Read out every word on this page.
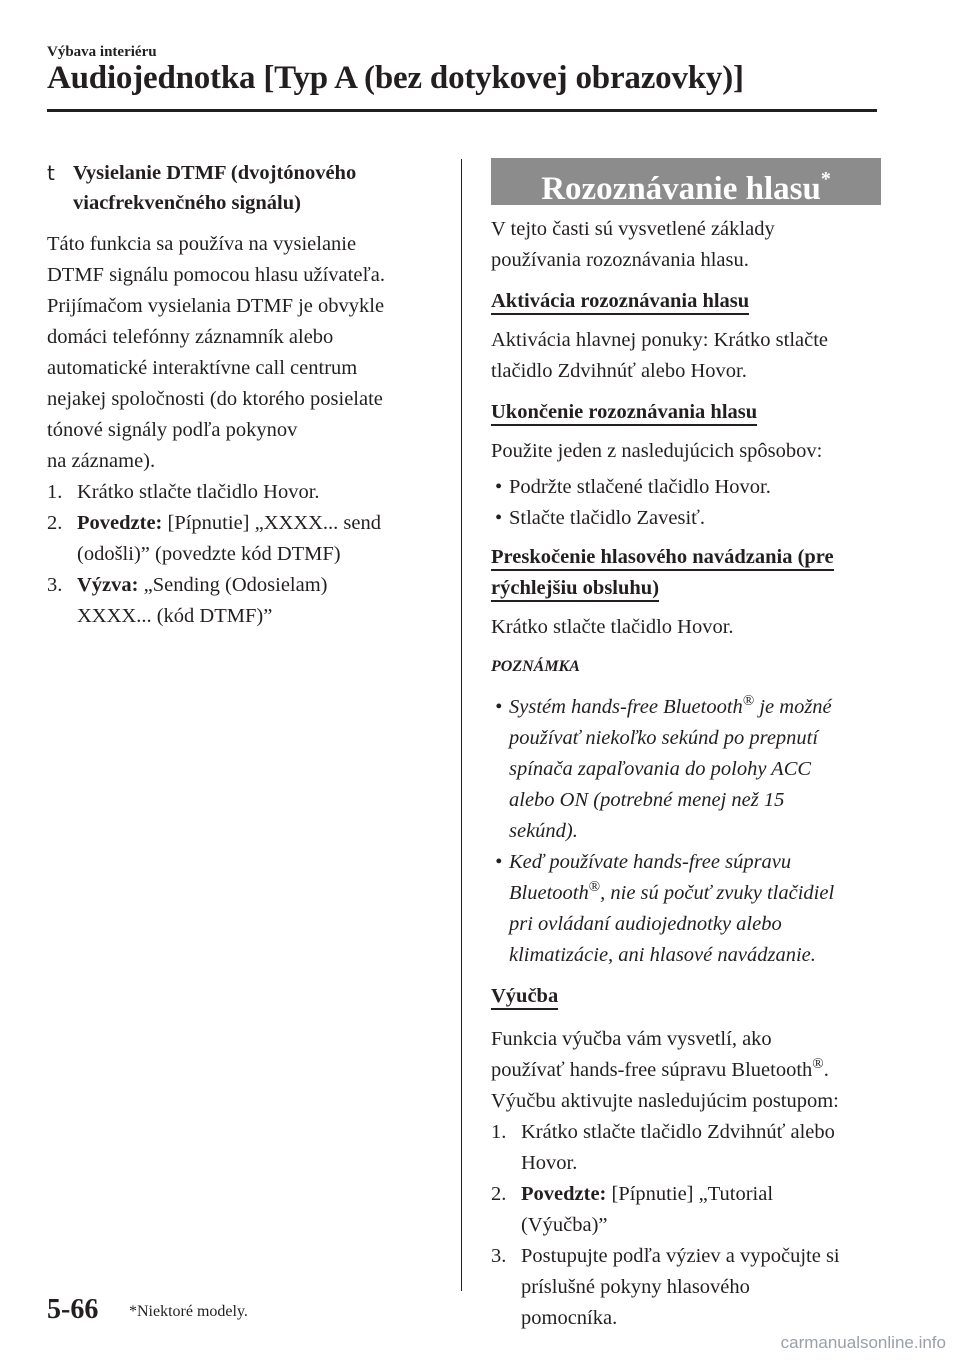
Výbava interiéru
Audiojednotka [Typ A (bez dotykovej obrazovky)]
t Vysielanie DTMF (dvojtónového
viacfrekvenčného signálu)

Táto funkcia sa používa na vysielanie
DTMF signálu pomocou hlasu užívateľa.
Prijímačom vysielania DTMF je obvykle
domáci telefónny záznamník alebo
automatické interaktívne call centrum
nejakej spoločnosti (do ktorého posielate
tónové signály podľa pokynov
na zázname).

1. Krátko stlačte tlačidlo Hovor.
2. Povedzte: [Pípnutie] „XXXX... send
(odošli)” (povedzte kód DTMF)
3. Výzva: „Sending (Odosielam)
XXXX... (kód DTMF)”
Rozoznávanie hlasu*

V tejto časti sú vysvetlené základy
používania rozoznávania hlasu.

Aktivácia rozoznávania hlasu

Aktivácia hlavnej ponuky: Krátko stlačte
tlačidlo Zdvihnúť alebo Hovor.

Ukončenie rozoznávania hlasu

Použite jeden z nasledujúcich spôsobov:

• Podržte stlačené tlačidlo Hovor.
• Stlačte tlačidlo Zavesiť.

Preskočenie hlasového navádzania (pre
rýchlejšiu obsluhu)

Krátko stlačte tlačidlo Hovor.

POZNÁMKA

• Systém hands-free Bluetooth® je možné
používať niekoľko sekúnd po prepnutí
spínača zapaľovania do polohy ACC
alebo ON (potrebné menej než 15
sekúnd).
• Keď používate hands-free súpravu
Bluetooth®, nie sú počuť zvuky tlačidiel
pri ovládaní audiojednotky alebo
klimatizácie, ani hlasové navádzanie.

Výučba

Funkcia výučba vám vysvetlí, ako
používať hands-free súpravu Bluetooth®.
Výučbu aktivujte nasledujúcim postupom:

1. Krátko stlačte tlačidlo Zdvihnúť alebo
Hovor.
2. Povedzte: [Pípnutie] „Tutorial
(Výučba)”
3. Postupujte podľa výziev a vypočujte si
príslušné pokyny hlasového
pomocníka.
5-66 *Niektoré modely.
carmanualsonline.info
